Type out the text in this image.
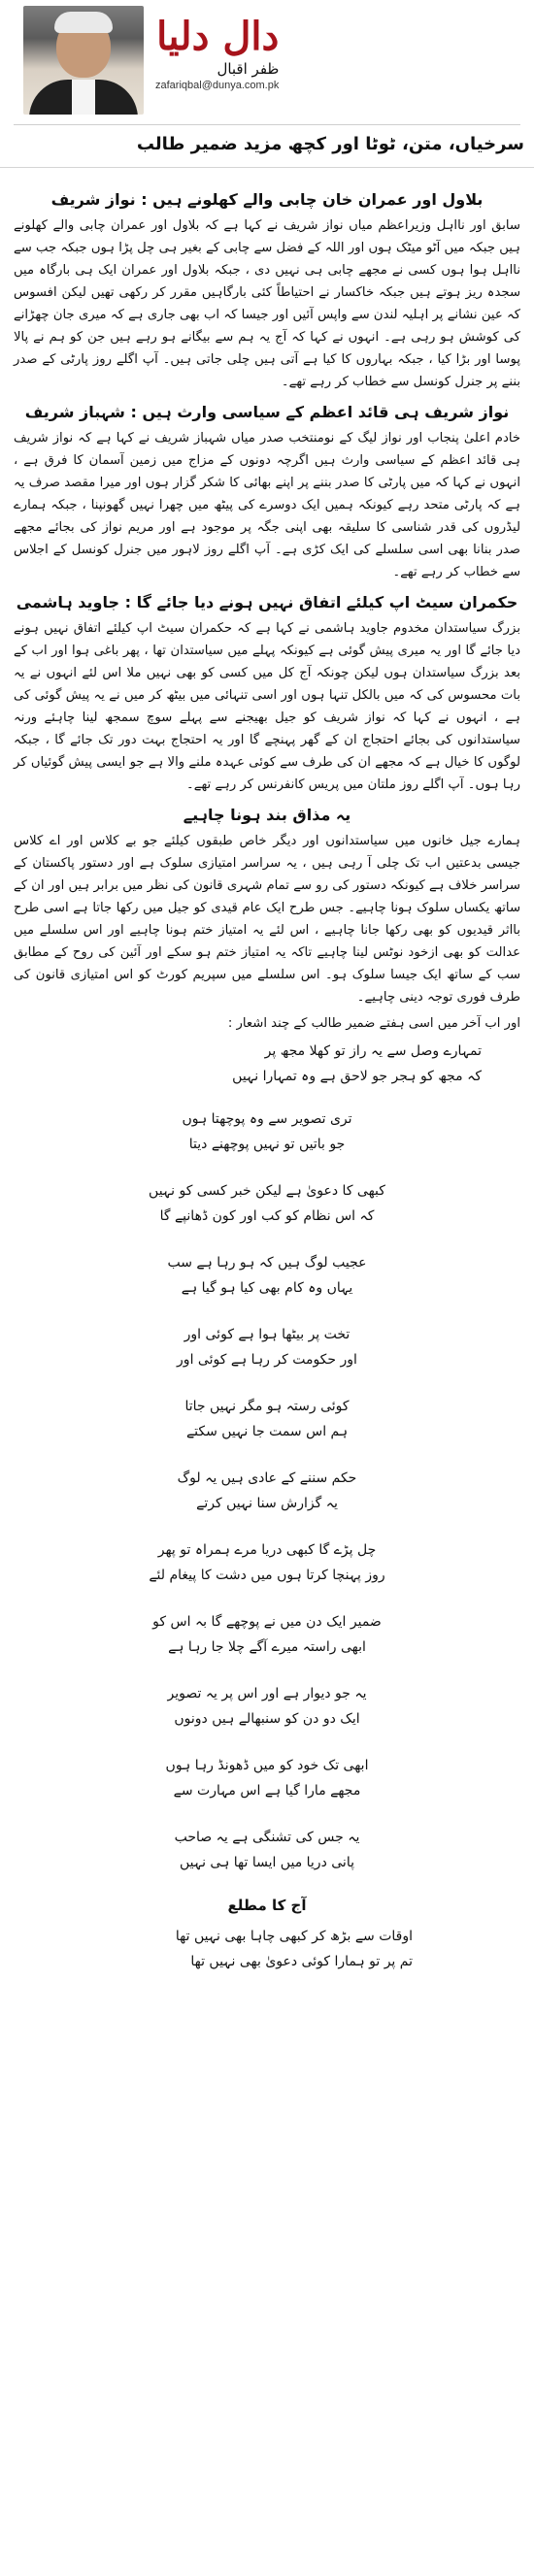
دال دلیا
ظفر اقبال
zafariqbal@dunya.com.pk
سرخیاں، متن، ٹوٹا اور کچھ مزید ضمیر طالب
بلاول اور عمران خان چابی والے کھلونے ہیں : نواز شریف

سابق اور نااہل وزیراعظم میاں نواز شریف نے کہا ہے کہ بلاول اور عمران چابی والے کھلونے ہیں جبکہ میں آٹو میٹک ہوں اور اللہ کے فضل سے چابی کے بغیر ہی چل پڑا ہوں جبکہ جب سے نااہل ہوا ہوں کسی نے مجھے چابی ہی نہیں دی ، جبکہ بلاول اور عمران ایک ہی بارگاہ میں سجدہ ریز ہوتے ہیں جبکہ خاکسار نے احتیاطاً کئی بارگاہیں مقرر کر رکھی تھیں لیکن افسوس کہ عین نشانے پر اہلیہ لندن سے واپس آئیں اور جیسا کہ اب بھی جاری ہے کہ میری جان چھڑانے کی کوشش ہو رہی ہے۔ انہوں نے کہا کہ آج یہ ہم سے بیگانے ہو رہے ہیں جن کو ہم نے پالا پوسا اور بڑا کیا ، جبکہ بہاروں کا کیا ہے آتی ہیں چلی جاتی ہیں۔ آپ اگلے روز پارٹی کے صدر بننے پر جنرل کونسل سے خطاب کر رہے تھے۔

نواز شریف ہی قائد اعظم کے سیاسی وارث ہیں : شہباز شریف

خادم اعلیٰ پنجاب اور نواز لیگ کے نومنتخب صدر میاں شہباز شریف نے کہا ہے کہ نواز شریف ہی قائد اعظم کے سیاسی وارث ہیں اگرچہ دونوں کے مزاج میں زمین آسمان کا فرق ہے ، انہوں نے کہا کہ میں پارٹی کا صدر بننے پر اپنے بھائی کا شکر گزار ہوں اور میرا مقصد صرف یہ ہے کہ پارٹی متحد رہے کیونکہ ہمیں ایک دوسرے کی پیٹھ میں چھرا نہیں گھونپنا ، جبکہ ہمارے لیڈروں کی قدر شناسی کا سلیقہ بھی اپنی جگہ پر موجود ہے اور مریم نواز کی بجائے مجھے صدر بنانا بھی اسی سلسلے کی ایک کڑی ہے۔ آپ اگلے روز لاہور میں جنرل کونسل کے اجلاس سے خطاب کر رہے تھے۔

حکمران سیٹ اپ کیلئے اتفاق نہیں ہونے دیا جائے گا : جاوید ہاشمی

بزرگ سیاستدان مخدوم جاوید ہاشمی نے کہا ہے کہ حکمران سیٹ اپ کیلئے اتفاق نہیں ہونے دیا جائے گا اور یہ میری پیش گوئی ہے کیونکہ پہلے میں سیاستدان تھا ، پھر باغی ہوا اور اب کے بعد بزرگ سیاستدان ہوں لیکن چونکہ آج کل میں کسی کو بھی نہیں ملا اس لئے انہوں نے یہ بات محسوس کی کہ میں بالکل تنہا ہوں اور اسی تنہائی میں بیٹھ کر میں نے یہ پیش گوئی کی ہے ، انہوں نے کہا کہ نواز شریف کو جیل بھیجنے سے پہلے سوچ سمجھ لینا چاہئے ورنہ سیاستدانوں کی بجائے احتجاج ان کے گھر پہنچے گا اور یہ احتجاج بہت دور تک جائے گا ، جبکہ لوگوں کا خیال ہے کہ مجھے ان کی طرف سے کوئی عہدہ ملنے والا ہے جو ایسی پیش گوئیاں کر رہا ہوں۔ آپ اگلے روز ملتان میں پریس کانفرنس کر رہے تھے۔

یہ مذاق بند ہونا چاہیے

ہمارے جیل خانوں میں سیاستدانوں اور دیگر خاص طبقوں کیلئے جو بے کلاس اور اے کلاس جیسی بدعتیں اب تک چلی آ رہی ہیں ، یہ سراسر امتیازی سلوک ہے اور دستور پاکستان کے سراسر خلاف ہے کیونکہ دستور کی رو سے تمام شہری قانون کی نظر میں برابر ہیں اور ان کے ساتھ یکساں سلوک ہونا چاہیے۔ جس طرح ایک عام قیدی کو جیل میں رکھا جاتا ہے اسی طرح بااثر قیدیوں کو بھی رکھا جانا چاہیے ، اس لئے یہ امتیاز ختم ہونا چاہیے اور اس سلسلے میں عدالت کو بھی ازخود نوٹس لینا چاہیے تاکہ یہ امتیاز ختم ہو سکے اور آئین کی روح کے مطابق سب کے ساتھ ایک جیسا سلوک ہو۔ اس سلسلے میں سپریم کورٹ کو اس امتیازی قانون کی طرف فوری توجہ دینی چاہیے۔

اور اب آخر میں اسی ہفتے ضمیر طالب کے چند اشعار :
تمہارے وصل سے یہ راز تو کھلا مجھ پر
کہ مجھ کو ہجر جو لاحق ہے وہ تمہارا نہیں
تری تصویر سے وہ پوچھتا ہوں
جو باتیں تو نہیں پوچھنے دیتا
کبھی کا دعویٰ ہے لیکن خبر کسی کو نہیں
کہ اس نظام کو کب اور کون ڈھانپے گا
عجیب لوگ ہیں کہ ہو رہا ہے سب
یہاں وہ کام بھی کیا ہو گیا ہے
تخت پر بیٹھا ہوا ہے کوئی اور
اور حکومت کر رہا ہے کوئی اور
کوئی رستہ ہو مگر نہیں جاتا
ہم اس سمت جا نہیں سکتے
حکم سننے کے عادی ہیں یہ لوگ
یہ گزارش سنا نہیں کرتے
چل پڑے گا کبھی دریا مرے ہمراہ تو پھر
روز پہنچا کرتا ہوں میں دشت کا پیغام لئے
ضمیر ایک دن میں نے پوچھے گا بہ اس کو
ابھی راستہ میرے آگے چلا جا رہا ہے
یہ جو دیوار ہے اور اس پر یہ تصویر
ایک دو دن کو سنبھالے ہیں دونوں
ابھی تک خود کو میں ڈھونڈ رہا ہوں
مجھے مارا گیا ہے اس مہارت سے
یہ جس کی تشنگی ہے یہ صاحب
پانی دریا میں ایسا تھا ہی نہیں
آج کا مطلع
اوقات سے بڑھ کر کبھی چاہا بھی نہیں تھا
تم پر تو ہمارا کوئی دعویٰ بھی نہیں تھا
